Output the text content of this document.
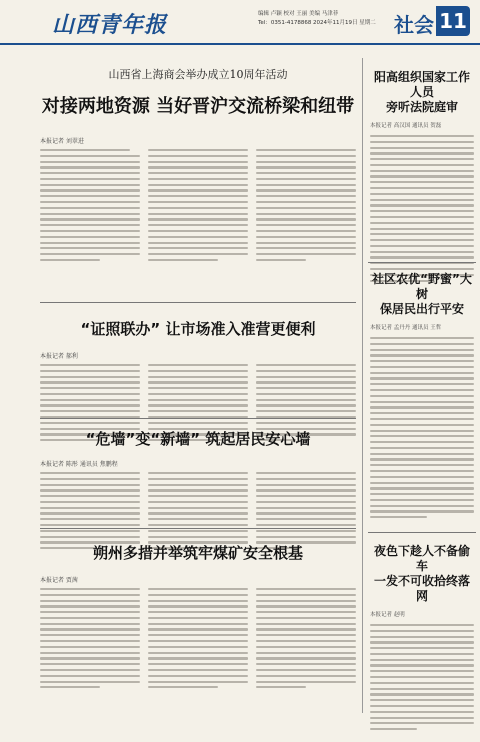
山西青年报	编辑 卢颖 校对 王丽 美编 马津菲
Tel：0351-4178868 2024年11月19日 星期二 社会 11
山西省上海商会举办成立10周年活动
对接两地资源 当好晋沪交流桥梁和纽带
本报记者 刘翠进
阳高组织国家工作人员
旁听法院庭审
本报记者 高汉国 通讯员 贺磊
社区农优“野蜜”大树
保居民出行平安
本报记者 孟丹丹 通讯员 王哲
夜色下趁人不备偷车
一发不可收拾终落网
本报记者 赵明
“证照联办” 让市场准入准营更便利
本报记者 郝利
“危墙”变“新墙” 筑起居民安心墙
本报记者 陈彤 通讯员 焦鹏程
朔州多措并举筑牢煤矿安全根基
本报记者 贾茜
